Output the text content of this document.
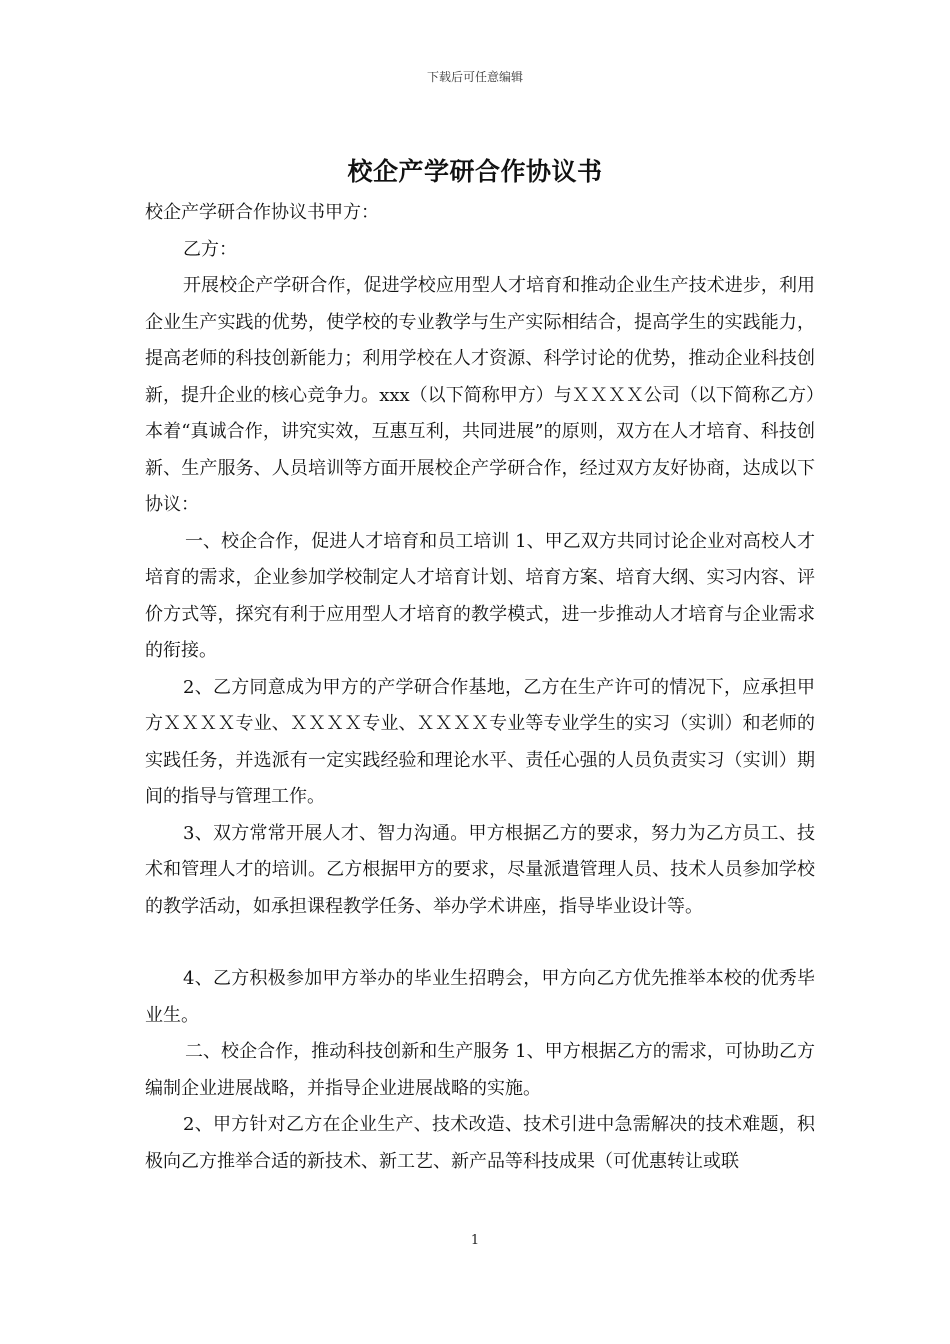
下载后可任意编辑
校企产学研合作协议书

校企产学研合作协议书甲方：

乙方：

开展校企产学研合作，促进学校应用型人才培育和推动企业生产技术进步，利用企业生产实践的优势，使学校的专业教学与生产实际相结合，提高学生的实践能力，提高老师的科技创新能力；利用学校在人才资源、科学讨论的优势，推动企业科技创新，提升企业的核心竞争力。xxx（以下简称甲方）与ＸＸＸＸ公司（以下简称乙方）本着“真诚合作，讲究实效，互惠互利，共同进展”的原则，双方在人才培育、科技创新、生产服务、人员培训等方面开展校企产学研合作，经过双方友好协商，达成以下协议：

一、校企合作，促进人才培育和员工培训 1、甲乙双方共同讨论企业对高校人才培育的需求，企业参加学校制定人才培育计划、培育方案、培育大纲、实习内容、评价方式等，探究有利于应用型人才培育的教学模式，进一步推动人才培育与企业需求的衔接。

2、乙方同意成为甲方的产学研合作基地，乙方在生产许可的情况下，应承担甲方ＸＸＸＸ专业、ＸＸＸＸ专业、ＸＸＸＸ专业等专业学生的实习（实训）和老师的实践任务，并选派有一定实践经验和理论水平、责任心强的人员负责实习（实训）期间的指导与管理工作。

3、双方常常开展人才、智力沟通。甲方根据乙方的要求，努力为乙方员工、技术和管理人才的培训。乙方根据甲方的要求，尽量派遣管理人员、技术人员参加学校的教学活动，如承担课程教学任务、举办学术讲座，指导毕业设计等。

4、乙方积极参加甲方举办的毕业生招聘会，甲方向乙方优先推举本校的优秀毕业生。

二、校企合作，推动科技创新和生产服务 1、甲方根据乙方的需求，可协助乙方编制企业进展战略，并指导企业进展战略的实施。

2、甲方针对乙方在企业生产、技术改造、技术引进中急需解决的技术难题，积极向乙方推举合适的新技术、新工艺、新产品等科技成果（可优惠转让或联

1
